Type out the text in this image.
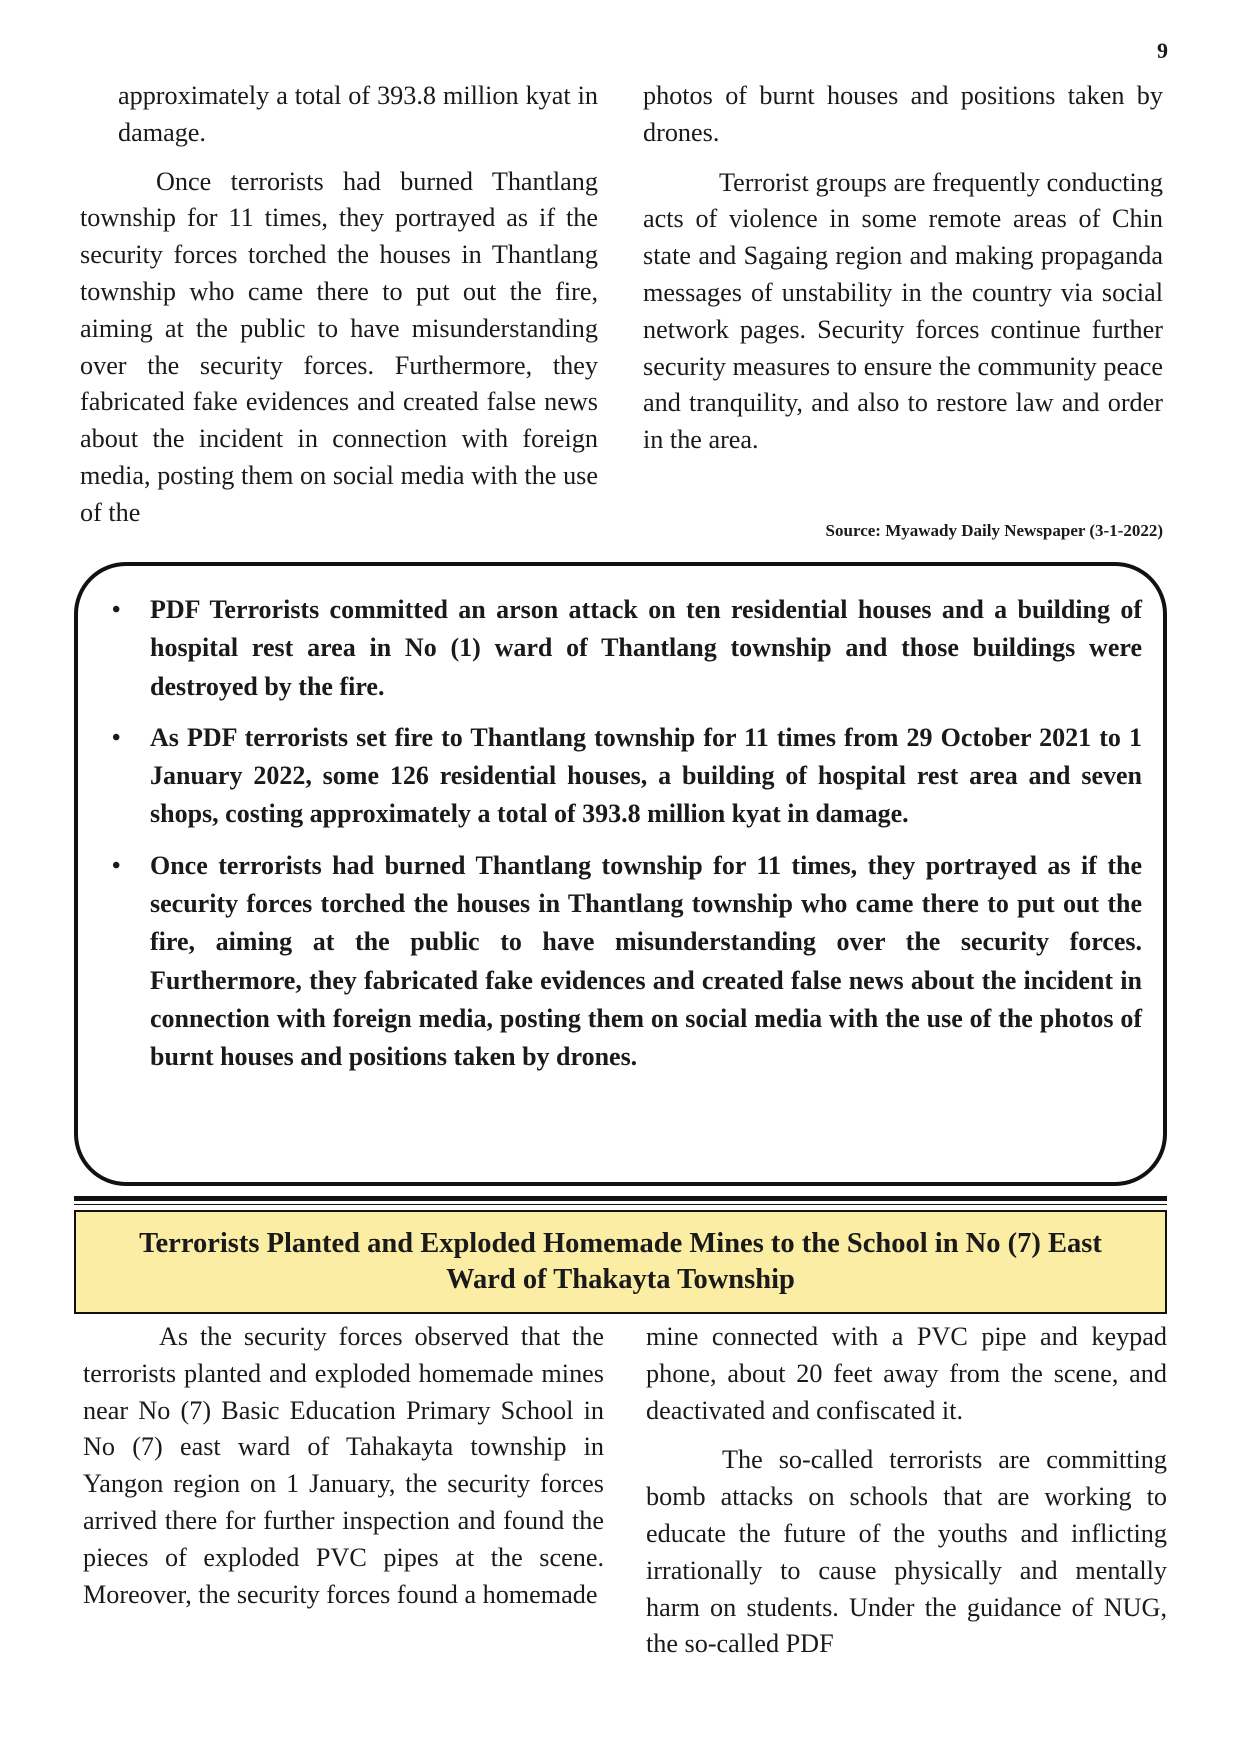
9

approximately a total of 393.8 million kyat in damage.

Once terrorists had burned Thantlang township for 11 times, they portrayed as if the security forces torched the houses in Thantlang township who came there to put out the fire, aiming at the public to have misunderstanding over the security forces. Furthermore, they fabricated fake evidences and created false news about the incident in connection with foreign media, posting them on social media with the use of the

photos of burnt houses and positions taken by drones.

Terrorist groups are frequently conducting acts of violence in some remote areas of Chin state and Sagaing region and making propaganda messages of unstability in the country via social network pages. Security forces continue further security measures to ensure the community peace and tranquility, and also to restore law and order in the area.

Source: Myawady Daily Newspaper (3-1-2022)
• PDF Terrorists committed an arson attack on ten residential houses and a building of hospital rest area in No (1) ward of Thantlang township and those buildings were destroyed by the fire.
• As PDF terrorists set fire to Thantlang township for 11 times from 29 October 2021 to 1 January 2022, some 126 residential houses, a building of hospital rest area and seven shops, costing approximately a total of 393.8 million kyat in damage.
• Once terrorists had burned Thantlang township for 11 times, they portrayed as if the security forces torched the houses in Thantlang township who came there to put out the fire, aiming at the public to have misunderstanding over the security forces. Furthermore, they fabricated fake evidences and created false news about the incident in connection with foreign media, posting them on social media with the use of the photos of burnt houses and positions taken by drones.
Terrorists Planted and Exploded Homemade Mines to the School in No (7) East
Ward of Thakayta Township

As the security forces observed that the terrorists planted and exploded homemade mines near No (7) Basic Education Primary School in No (7) east ward of Tahakayta township in Yangon region on 1 January, the security forces arrived there for further inspection and found the pieces of exploded PVC pipes at the scene. Moreover, the security forces found a homemade

mine connected with a PVC pipe and keypad phone, about 20 feet away from the scene, and deactivated and confiscated it.

The so-called terrorists are committing bomb attacks on schools that are working to educate the future of the youths and inflicting irrationally to cause physically and mentally harm on students. Under the guidance of NUG, the so-called PDF
